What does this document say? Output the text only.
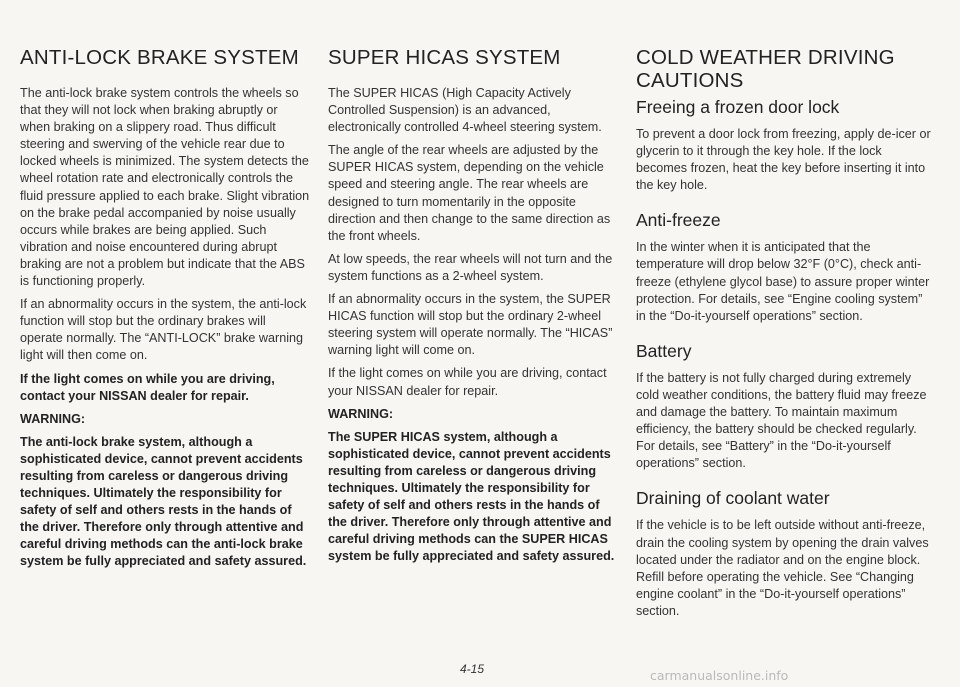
ANTI-LOCK BRAKE SYSTEM

The anti-lock brake system controls the wheels so that they will not lock when braking abruptly or when braking on a slippery road. Thus difficult steering and swerving of the vehicle rear due to locked wheels is minimized. The system detects the wheel rotation rate and electronically controls the fluid pressure applied to each brake. Slight vibration on the brake pedal accompanied by noise usually occurs while brakes are being applied. Such vibration and noise encountered during abrupt braking are not a problem but indicate that the ABS is functioning properly.

If an abnormality occurs in the system, the anti-lock function will stop but the ordinary brakes will operate normally. The “ANTI-LOCK” brake warning light will then come on.

If the light comes on while you are driving, contact your NISSAN dealer for repair.

WARNING:

The anti-lock brake system, although a sophisticated device, cannot prevent accidents resulting from careless or dangerous driving techniques. Ultimately the responsibility for safety of self and others rests in the hands of the driver. Therefore only through attentive and careful driving methods can the anti-lock brake system be fully appreciated and safety assured.

SUPER HICAS SYSTEM

The SUPER HICAS (High Capacity Actively Controlled Suspension) is an advanced, electronically controlled 4-wheel steering system.

The angle of the rear wheels are adjusted by the SUPER HICAS system, depending on the vehicle speed and steering angle. The rear wheels are designed to turn momentarily in the opposite direction and then change to the same direction as the front wheels.

At low speeds, the rear wheels will not turn and the system functions as a 2-wheel system.

If an abnormality occurs in the system, the SUPER HICAS function will stop but the ordinary 2-wheel steering system will operate normally. The “HICAS” warning light will come on.

If the light comes on while you are driving, contact your NISSAN dealer for repair.

WARNING:

The SUPER HICAS system, although a sophisticated device, cannot prevent accidents resulting from careless or dangerous driving techniques. Ultimately the responsibility for safety of self and others rests in the hands of the driver. Therefore only through attentive and careful driving methods can the SUPER HICAS system be fully appreciated and safety assured.

COLD WEATHER DRIVING CAUTIONS
Freeing a frozen door lock

To prevent a door lock from freezing, apply de-icer or glycerin to it through the key hole. If the lock becomes frozen, heat the key before inserting it into the key hole.

Anti-freeze

In the winter when it is anticipated that the temperature will drop below 32°F (0°C), check anti-freeze (ethylene glycol base) to assure proper winter protection. For details, see “Engine cooling system” in the “Do-it-yourself operations” section.

Battery

If the battery is not fully charged during extremely cold weather conditions, the battery fluid may freeze and damage the battery. To maintain maximum efficiency, the battery should be checked regularly. For details, see “Battery” in the “Do-it-yourself operations” section.

Draining of coolant water

If the vehicle is to be left outside without anti-freeze, drain the cooling system by opening the drain valves located under the radiator and on the engine block. Refill before operating the vehicle. See “Changing engine coolant” in the “Do-it-yourself operations” section.

4-15	carmanualsonline.info
